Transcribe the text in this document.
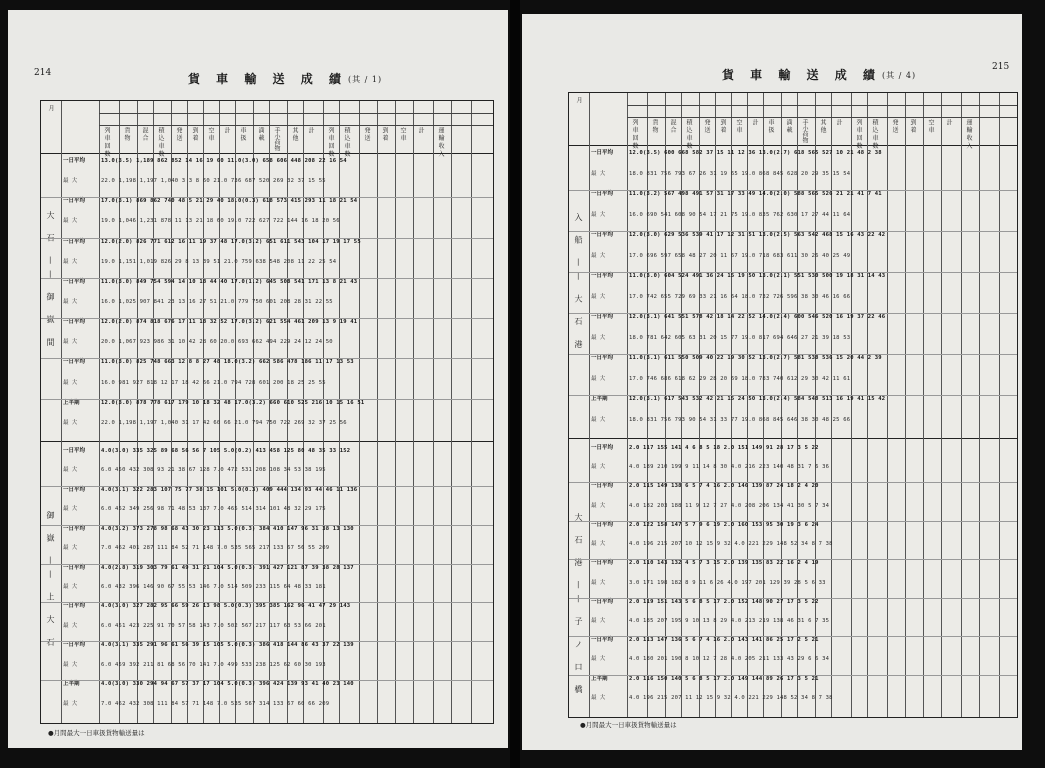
214	貨 車 輸 送 成 績 (其 / 1)
大 石 —— 御 嶽 間
御 嶽 —— 上 大 石
月
列 車 回 数 貨 物 混 合 積 込 車 数 発 送 到 着 空 車 計 車 扱 満 載 手小荷物 其 他 計 列 車 回 数 積 込 車 数 発 送 到 着 空 車 計 運 輸 收 入
一日平均	13.0(3.5) 1,189 862 852 14 16 19 60 11.0(3.0) 658 606 448 208 22 16 54
最 大	22.0 1,198 1,197 1,040 3 3 8 60 21.0 736 687 520 269 32 37 15 55
一日平均	17.0(3.1) 869 862 740 48 5 21 29 40 18.0(0.3) 618 573 415 293 11 18 21 54
最 大	19.0 1,046 1,231 878 11 13 21 18 60 19.0 722 627 722 144 16 18 20 56
一日平均	12.0(2.0) 826 771 612 16 11 19 37 48 17.0(3.2) 651 611 543 104 17 19 17 55
最 大	19.0 1,151 1,019 826 29 8 13 39 51 21.0 759 638 548 208 11 22 25 54
一日平均	11.0(3.0) 849 754 594 14 10 18 44 40 17.0(1.2) 645 508 541 171 13 8 21 43
最 大	16.0 1,025 907 841 23 13 16 27 51 21.0 779 750 601 208 28 31 22 55
一日平均	12.0(2.0) 874 818 676 17 11 18 32 52 17.0(3.2) 621 554 461 209 13 9 19 41
最 大	20.0 1,067 923 986 31 10 42 28 60 20.0 693 662 494 229 24 12 24 50
一日平均	11.0(3.0) 825 748 663 12 8 8 27 48 18.0(3.2) 662 586 478 186 11 17 13 53
最 大	16.0 981 927 818 12 17 18 42 66 21.0 794 728 601 200 18 25 25 55
上半期	12.0(3.0) 878 778 617 179 10 18 32 48 17.0(3.2) 660 610 525 216 10 15 16 51
最 大	22.0 1,198 1,197 1,040 31 17 42 60 66 21.0 794 750 722 269 32 37 25 56
一日平均	4.0(3.0) 335 325 89 68 56 56 7 105 5.0(0.2) 413 458 125 80 48 35 33 152
最 大	6.0 450 432 308 93 21 38 67 128 7.0 472 531 208 108 34 53 38 195
一日平均	4.0(3.1) 322 283 107 75 77 38 15 101 5.0(0.3) 409 444 134 93 44 46 11 136
最 大	6.0 452 349 256 98 71 48 53 137 7.0 465 514 314 101 48 32 29 175
一日平均	4.0(3.2) 373 278 98 68 43 30 23 113 5.0(0.3) 384 410 147 96 31 38 13 130
最 大	7.0 462 401 287 111 84 52 71 148 7.0 535 565 217 133 67 56 55 209
一日平均	4.0(2.8) 319 303 79 61 49 31 21 104 5.0(0.3) 391 427 121 87 39 38 28 137
最 大	6.0 432 396 146 90 67 55 53 146 7.0 514 509 233 115 64 48 33 181
一日平均	4.0(3.0) 327 282 95 66 59 26 13 98 5.0(0.3) 395 385 162 96 41 47 29 143
最 大	6.0 451 423 225 91 70 57 58 143 7.0 502 567 217 117 63 53 66 201
一日平均	4.0(3.1) 335 291 96 61 56 39 15 105 5.0(0.3) 386 418 144 86 43 37 22 139
最 大	6.0 459 392 211 81 68 56 70 141 7.0 499 533 238 125 62 60 30 193
上半期	4.0(3.0) 330 294 94 67 57 37 17 104 5.0(0.3) 396 424 139 93 41 40 23 140
最 大	7.0 462 432 308 111 84 57 71 148 7.0 535 567 314 133 67 60 66 209
●月間最大一日車扱貨物輸送量は　
215
貨 車 輸 送 成 績 (其 / 4)
入 船 —— 大 石 港
大 石 港 —— 子 ノ 口 橋
月
列 車 回 数 貨 物 混 合 積 込 車 数 発 送 到 着 空 車 計 車 扱 満 載 手小荷物 其 他 計 列 車 回 数 積 込 車 数 発 送 到 着 空 車 計 運 輸 收 入
一日平均	12.0(3.5) 600 668 582 37 15 11 12 36 13.0(2.7) 618 565 527 10 21 48 2 38
最 大	18.0 831 756 793 67 26 31 19 65 19.0 868 845 628 20 29 35 15 54
一日平均	11.0(3.2) 567 498 491 57 31 17 33 49 14.0(2.0) 588 565 526 21 21 41 7 41
最 大	16.0 690 541 608 90 54 17 21 75 19.0 835 762 630 17 27 44 11 64
一日平均	12.0(3.0) 629 536 539 41 17 12 31 51 13.0(2.5) 563 542 468 15 16 43 22 42
最 大	17.0 696 597 658 48 27 20 11 67 19.0 718 683 611 30 26 40 25 49
一日平均	11.0(3.0) 604 524 491 36 24 15 19 50 13.0(2.1) 551 530 500 19 18 31 14 43
最 大	17.0 742 655 729 69 33 21 16 64 18.0 732 726 596 38 30 46 16 66
一日平均	12.0(3.1) 641 551 578 42 18 14 22 52 14.0(2.4) 600 546 520 16 19 37 22 46
最 大	18.0 781 642 605 63 31 20 15 77 19.0 817 694 646 27 21 39 18 53
一日平均	11.0(3.1) 611 550 509 40 22 19 30 52 13.0(2.7) 581 538 536 15 20 44 2 39
最 大	17.0 746 686 618 62 29 28 20 69 18.0 783 740 612 29 30 42 11 61
上半期	12.0(3.1) 617 543 532 42 21 15 24 50 13.0(2.4) 584 548 513 16 19 41 15 42
最 大	18.0 831 756 793 90 54 31 33 77 19.0 868 845 646 38 30 48 25 66
一日平均	2.0 117 155 141 4 6 8 5 18 2.0 151 149 91 28 17 3 5 22
最 大	4.0 189 210 199 9 11 14 8 30 4.0 216 223 140 48 31 7 6 36
一日平均	2.0 115 149 138 6 5 7 4 16 2.0 146 139 87 24 18 2 4 20
最 大	4.0 182 203 188 11 9 12 7 27 4.0 208 206 134 41 30 5 7 34
一日平均	2.0 122 158 147 5 7 9 6 19 2.0 160 153 95 30 19 3 6 24
最 大	4.0 196 215 207 10 12 15 9 32 4.0 221 229 148 52 34 8 7 38
一日平均	2.0 110 143 132 4 5 7 3 15 2.0 139 135 83 22 16 2 4 19
最 大	3.0 171 198 182 8 9 11 6 26 4.0 197 201 129 39 28 5 6 33
一日平均	2.0 119 151 143 5 6 8 5 17 2.0 152 148 90 27 17 3 5 22
最 大	4.0 185 207 195 9 10 13 8 29 4.0 213 219 138 46 31 6 7 35
一日平均	2.0 113 147 136 5 6 7 4 16 2.0 143 141 86 25 17 2 5 21
最 大	4.0 180 201 190 8 10 12 7 28 4.0 205 211 133 43 29 6 6 34
上半期	2.0 116 150 140 5 6 8 5 17 2.0 149 144 89 26 17 3 5 21
最 大	4.0 196 215 207 11 12 15 9 32 4.0 221 229 148 52 34 8 7 38
●月間最大一日車扱貨物輸送量は　
